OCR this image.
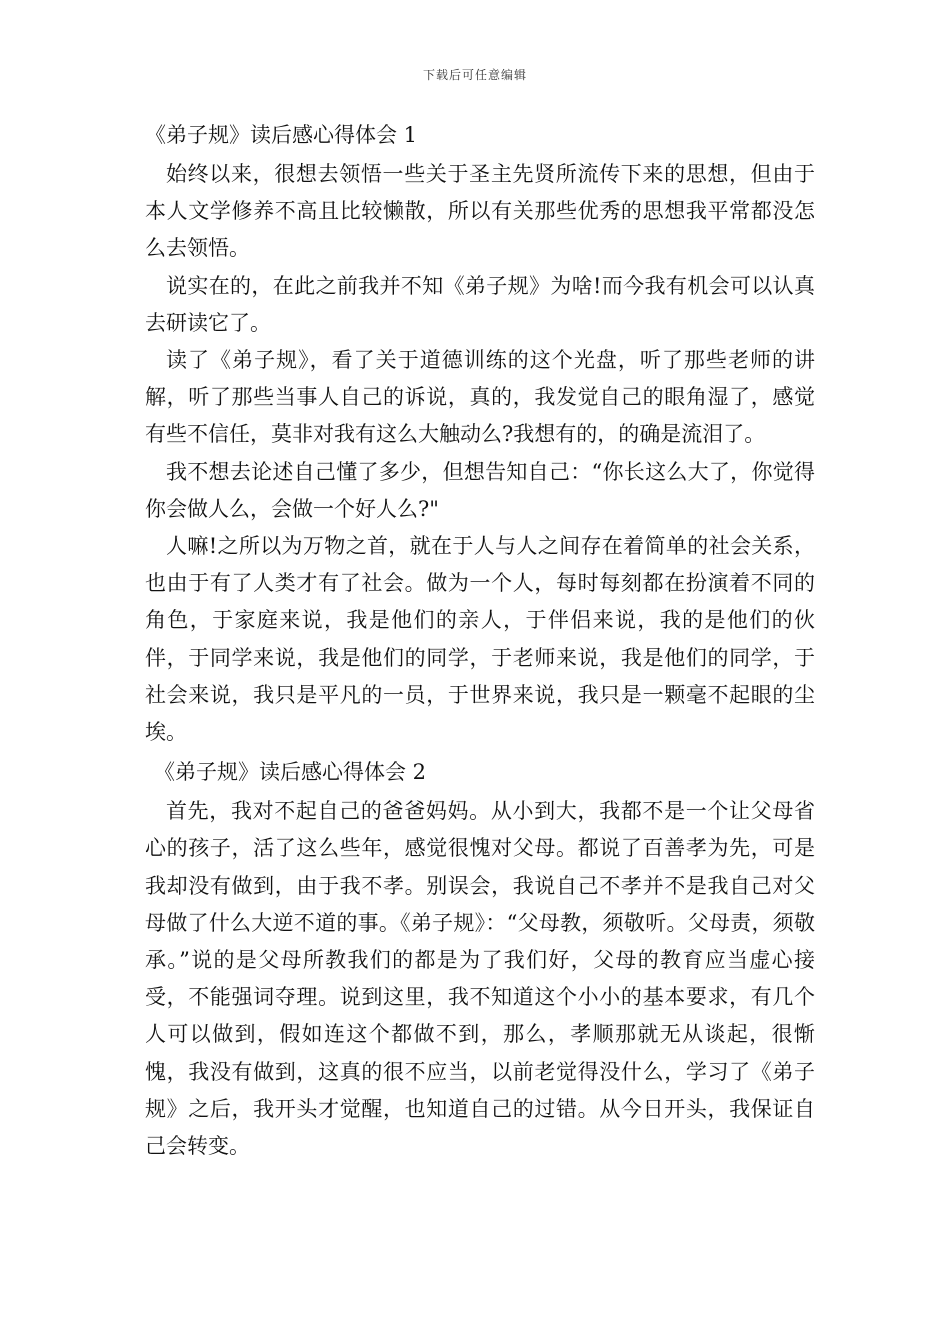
下载后可任意编辑
《弟子规》读后感心得体会 1

始终以来，很想去领悟一些关于圣主先贤所流传下来的思想，但由于本人文学修养不高且比较懒散，所以有关那些优秀的思想我平常都没怎么去领悟。

说实在的，在此之前我并不知《弟子规》为啥!而今我有机会可以认真去研读它了。

读了《弟子规》，看了关于道德训练的这个光盘，听了那些老师的讲解，听了那些当事人自己的诉说，真的，我发觉自己的眼角湿了，感觉有些不信任，莫非对我有这么大触动么?我想有的，的确是流泪了。

我不想去论述自己懂了多少，但想告知自己：“你长这么大了，你觉得你会做人么，会做一个好人么?"

人嘛!之所以为万物之首，就在于人与人之间存在着简单的社会关系，也由于有了人类才有了社会。做为一个人，每时每刻都在扮演着不同的角色，于家庭来说，我是他们的亲人，于伴侣来说，我的是他们的伙伴，于同学来说，我是他们的同学，于老师来说，我是他们的同学，于社会来说，我只是平凡的一员，于世界来说，我只是一颗毫不起眼的尘埃。

《弟子规》读后感心得体会 2

首先，我对不起自己的爸爸妈妈。从小到大，我都不是一个让父母省心的孩子，活了这么些年，感觉很愧对父母。都说了百善孝为先，可是我却没有做到，由于我不孝。别误会，我说自己不孝并不是我自己对父母做了什么大逆不道的事。《弟子规》：“父母教，须敬听。父母责，须敬承。”说的是父母所教我们的都是为了我们好，父母的教育应当虚心接受，不能强词夺理。说到这里，我不知道这个小小的基本要求，有几个人可以做到，假如连这个都做不到，那么，孝顺那就无从谈起，很惭愧，我没有做到，这真的很不应当，以前老觉得没什么，学习了《弟子规》之后，我开头才觉醒，也知道自己的过错。从今日开头，我保证自己会转变。
